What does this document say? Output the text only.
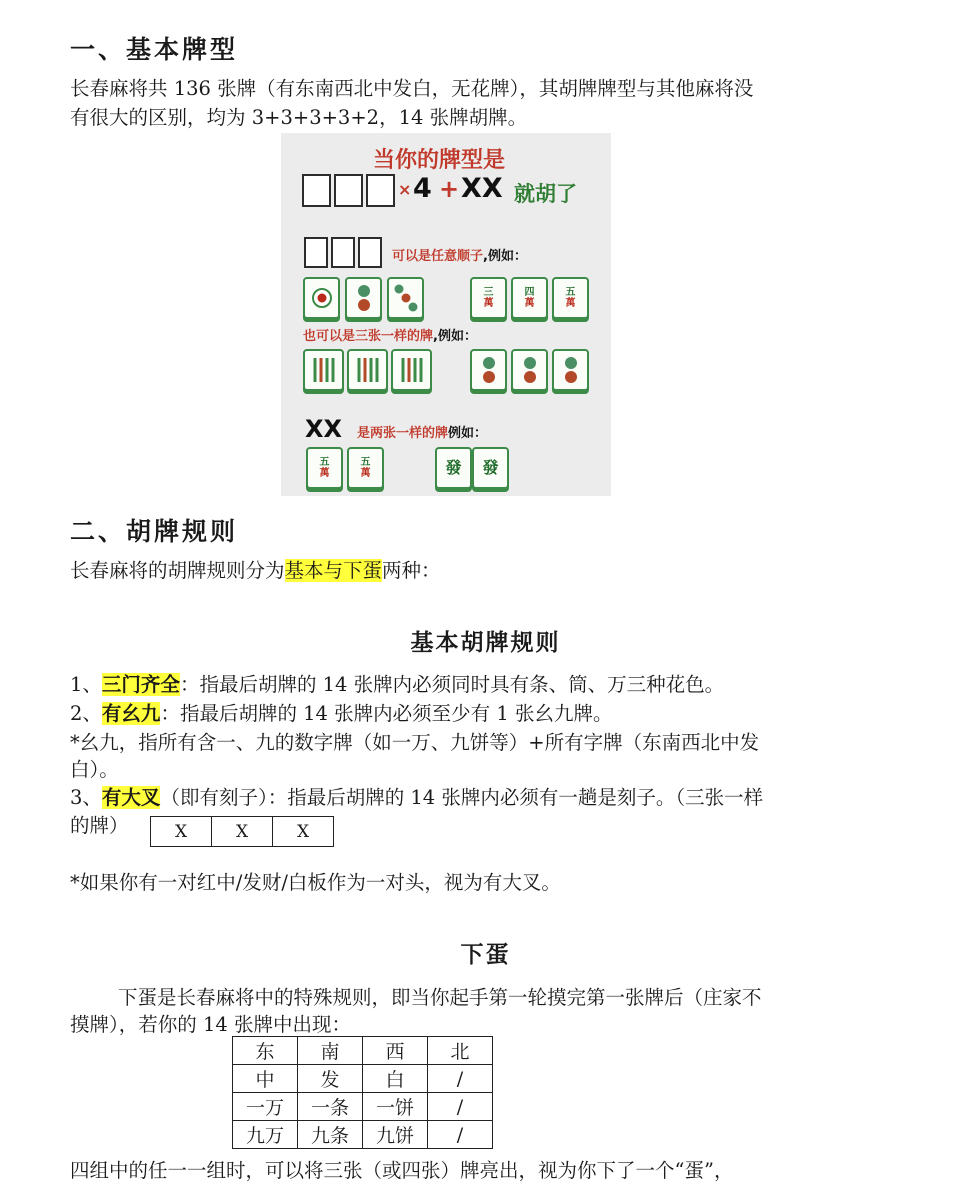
一、基本牌型
长春麻将共 136 张牌（有东南西北中发白，无花牌），其胡牌牌型与其他麻将没
有很大的区别，均为 3+3+3+3+2，14 张牌胡牌。
当你的牌型是
× 4 + XX 就胡了
可以是任意顺子,例如：
三
萬
四
萬
五
萬
也可以是三张一样的牌,例如：
XX 是两张一样的牌例如：
五
萬
五
萬	發 發
二、胡牌规则
长春麻将的胡牌规则分为基本与下蛋两种：
基本胡牌规则
1、三门齐全：指最后胡牌的 14 张牌内必须同时具有条、筒、万三种花色。
2、有幺九：指最后胡牌的 14 张牌内必须至少有 1 张幺九牌。
*幺九，指所有含一、九的数字牌（如一万、九饼等）+所有字牌（东南西北中发
白）。
3、有大叉（即有刻子）：指最后胡牌的 14 张牌内必须有一趟是刻子。（三张一样
的牌）	X	X	X
*如果你有一对红中/发财/白板作为一对头，视为有大叉。
下蛋
下蛋是长春麻将中的特殊规则，即当你起手第一轮摸完第一张牌后（庄家不
摸牌），若你的 14 张牌中出现：
东	南	西	北
中	发	白	/
一万	一条	一饼	/
九万	九条	九饼	/
四组中的任一一组时，可以将三张（或四张）牌亮出，视为你下了一个“蛋”，
